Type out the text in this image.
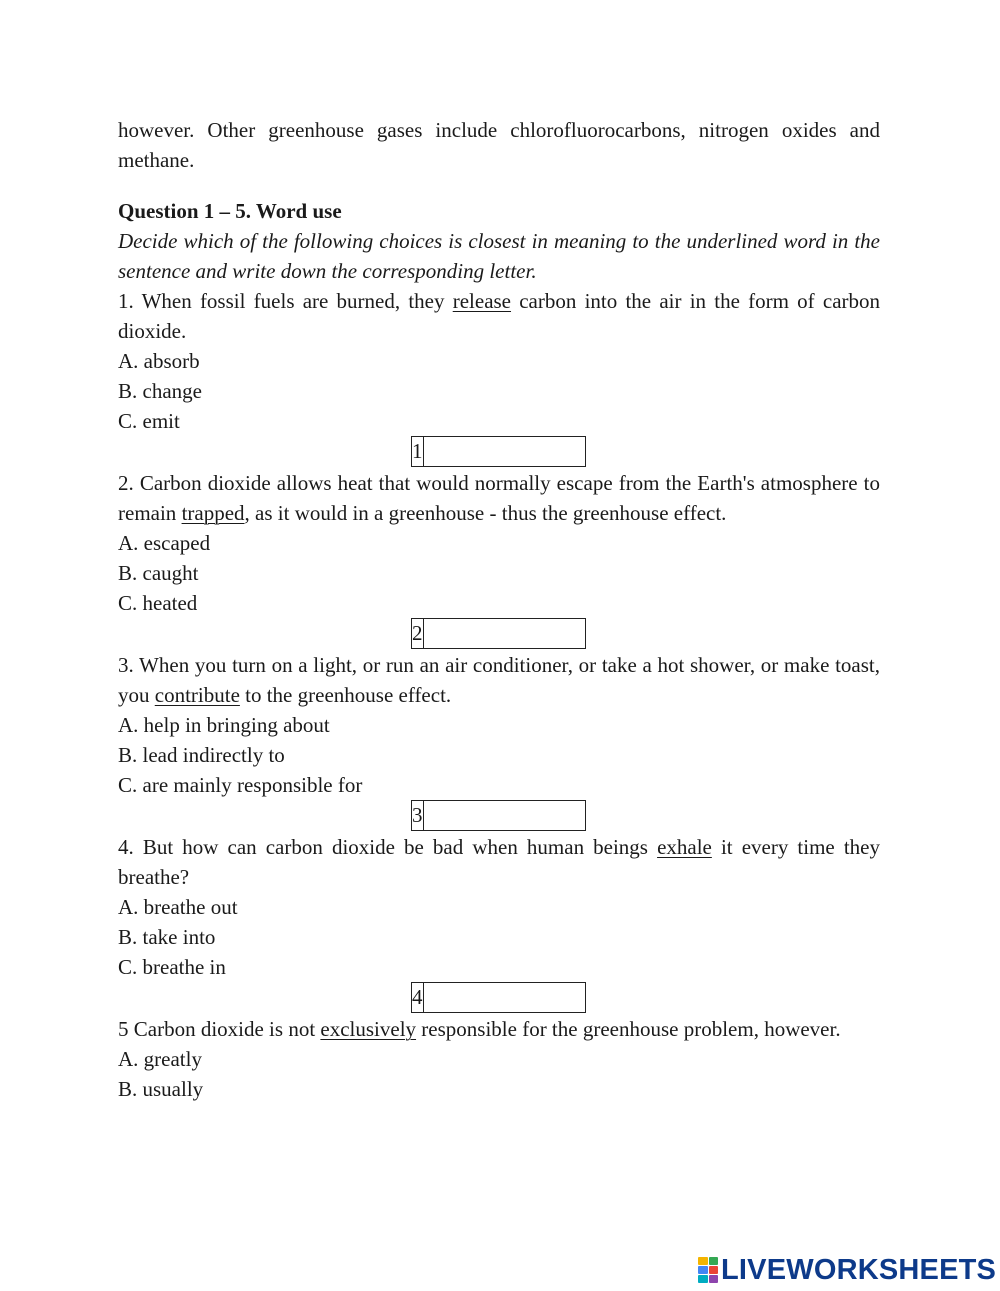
however. Other greenhouse gases include chlorofluorocarbons, nitrogen oxides and methane.

Question 1 – 5. Word use

Decide which of the following choices is closest in meaning to the underlined word in the sentence and write down the corresponding letter.

1. When fossil fuels are burned, they release carbon into the air in the form of carbon dioxide.

A. absorb

B. change

C. emit

1

2. Carbon dioxide allows heat that would normally escape from the Earth's atmosphere to remain trapped, as it would in a greenhouse - thus the greenhouse effect.

A. escaped

B. caught

C. heated

2

3. When you turn on a light, or run an air conditioner, or take a hot shower, or make toast, you contribute to the greenhouse effect.

A. help in bringing about

B. lead indirectly to

C. are mainly responsible for

3

4. But how can carbon dioxide be bad when human beings exhale it every time they breathe?

A. breathe out

B. take into

C. breathe in

4

5 Carbon dioxide is not exclusively responsible for the greenhouse problem, however.

A. greatly

B. usually

LIVEWORKSHEETS
